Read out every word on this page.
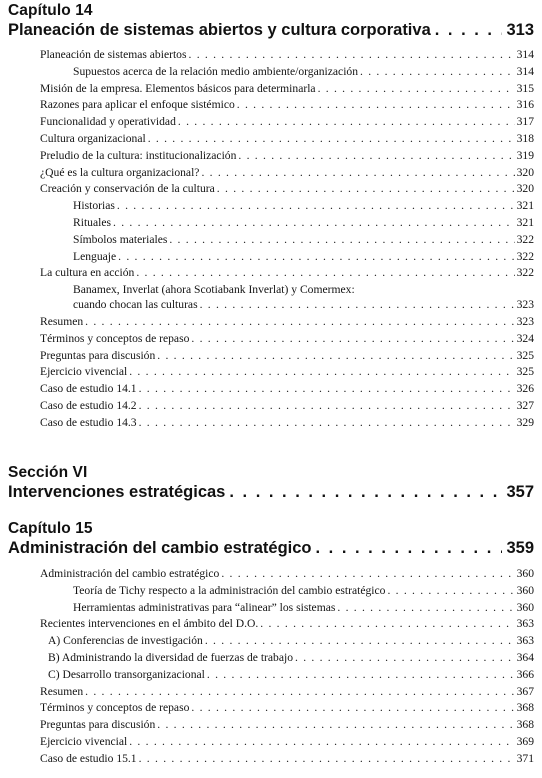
Capítulo 14
Planeación de sistemas abiertos y cultura corporativa . . .	313
Planeación de sistemas abiertos . . .	314
Supuestos acerca de la relación medio ambiente/organización . . .	314
Misión de la empresa. Elementos básicos para determinarla . . .	315
Razones para aplicar el enfoque sistémico . . .	316
Funcionalidad y operatividad . . .	317
Cultura organizacional . . .	318
Preludio de la cultura: institucionalización . . .	319
¿Qué es la cultura organizacional? . . .	320
Creación y conservación de la cultura . . .	320
Historias . . .	321
Rituales . . .	321
Símbolos materiales . . .	322
Lenguaje . . .	322
La cultura en acción . . .	322
Banamex, Inverlat (ahora Scotiabank Inverlat) y Comermex:
cuando chocan las culturas . . .	323
Resumen . . .	323
Términos y conceptos de repaso . . .	324
Preguntas para discusión . . .	325
Ejercicio vivencial . . .	325
Caso de estudio 14.1 . . .	326
Caso de estudio 14.2 . . .	327
Caso de estudio 14.3 . . .	329
Sección VI
Intervenciones estratégicas . . .	357
Capítulo 15
Administración del cambio estratégico . . .	359
Administración del cambio estratégico . . .	360
Teoría de Tichy respecto a la administración del cambio estratégico . . .	360
Herramientas administrativas para “alinear” los sistemas . . .	360
Recientes intervenciones en el ámbito del D.O. . . .	363
A) Conferencias de investigación . . .	363
B) Administrando la diversidad de fuerzas de trabajo . . .	364
C) Desarrollo transorganizacional . . .	366
Resumen . . .	367
Términos y conceptos de repaso . . .	368
Preguntas para discusión . . .	368
Ejercicio vivencial . . .	369
Caso de estudio 15.1 . . .	371
